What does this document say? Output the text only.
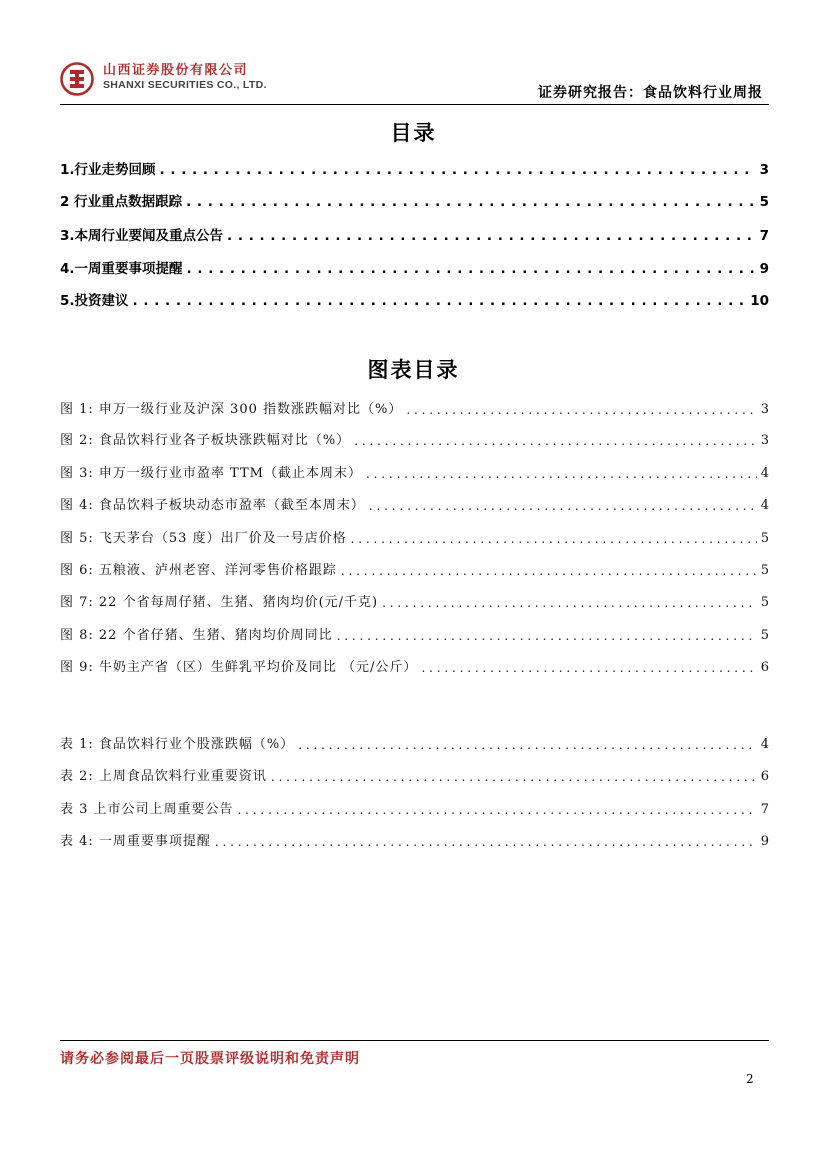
山西证券股份有限公司
SHANXI SECURITIES CO., LTD.	证券研究报告：食品饮料行业周报
目录
1.行业走势回顾 . . .	3
2 行业重点数据跟踪 . . .	5
3.本周行业要闻及重点公告 . . .	7
4.一周重要事项提醒 . . .	9
5.投资建议 . . .	10
图表目录
图 1: 申万一级行业及沪深 300 指数涨跌幅对比（%） . . .	3
图 2: 食品饮料行业各子板块涨跌幅对比（%） . . .	3
图 3: 申万一级行业市盈率 TTM（截止本周末） . . .	4
图 4: 食品饮料子板块动态市盈率（截至本周末） . . .	4
图 5: 飞天茅台（53 度）出厂价及一号店价格 . . .	5
图 6: 五粮液、泸州老窖、洋河零售价格跟踪 . . .	5
图 7: 22 个省每周仔猪、生猪、猪肉均价(元/千克) . . .	5
图 8: 22 个省仔猪、生猪、猪肉均价周同比 . . .	5
图 9: 牛奶主产省（区）生鲜乳平均价及同比 （元/公斤） . . .	6
表 1: 食品饮料行业个股涨跌幅（%） . . .	4
表 2: 上周食品饮料行业重要资讯 . . .	6
表 3 上市公司上周重要公告 . . .	7
表 4: 一周重要事项提醒 . . .	9
请务必参阅最后一页股票评级说明和免责声明
2
